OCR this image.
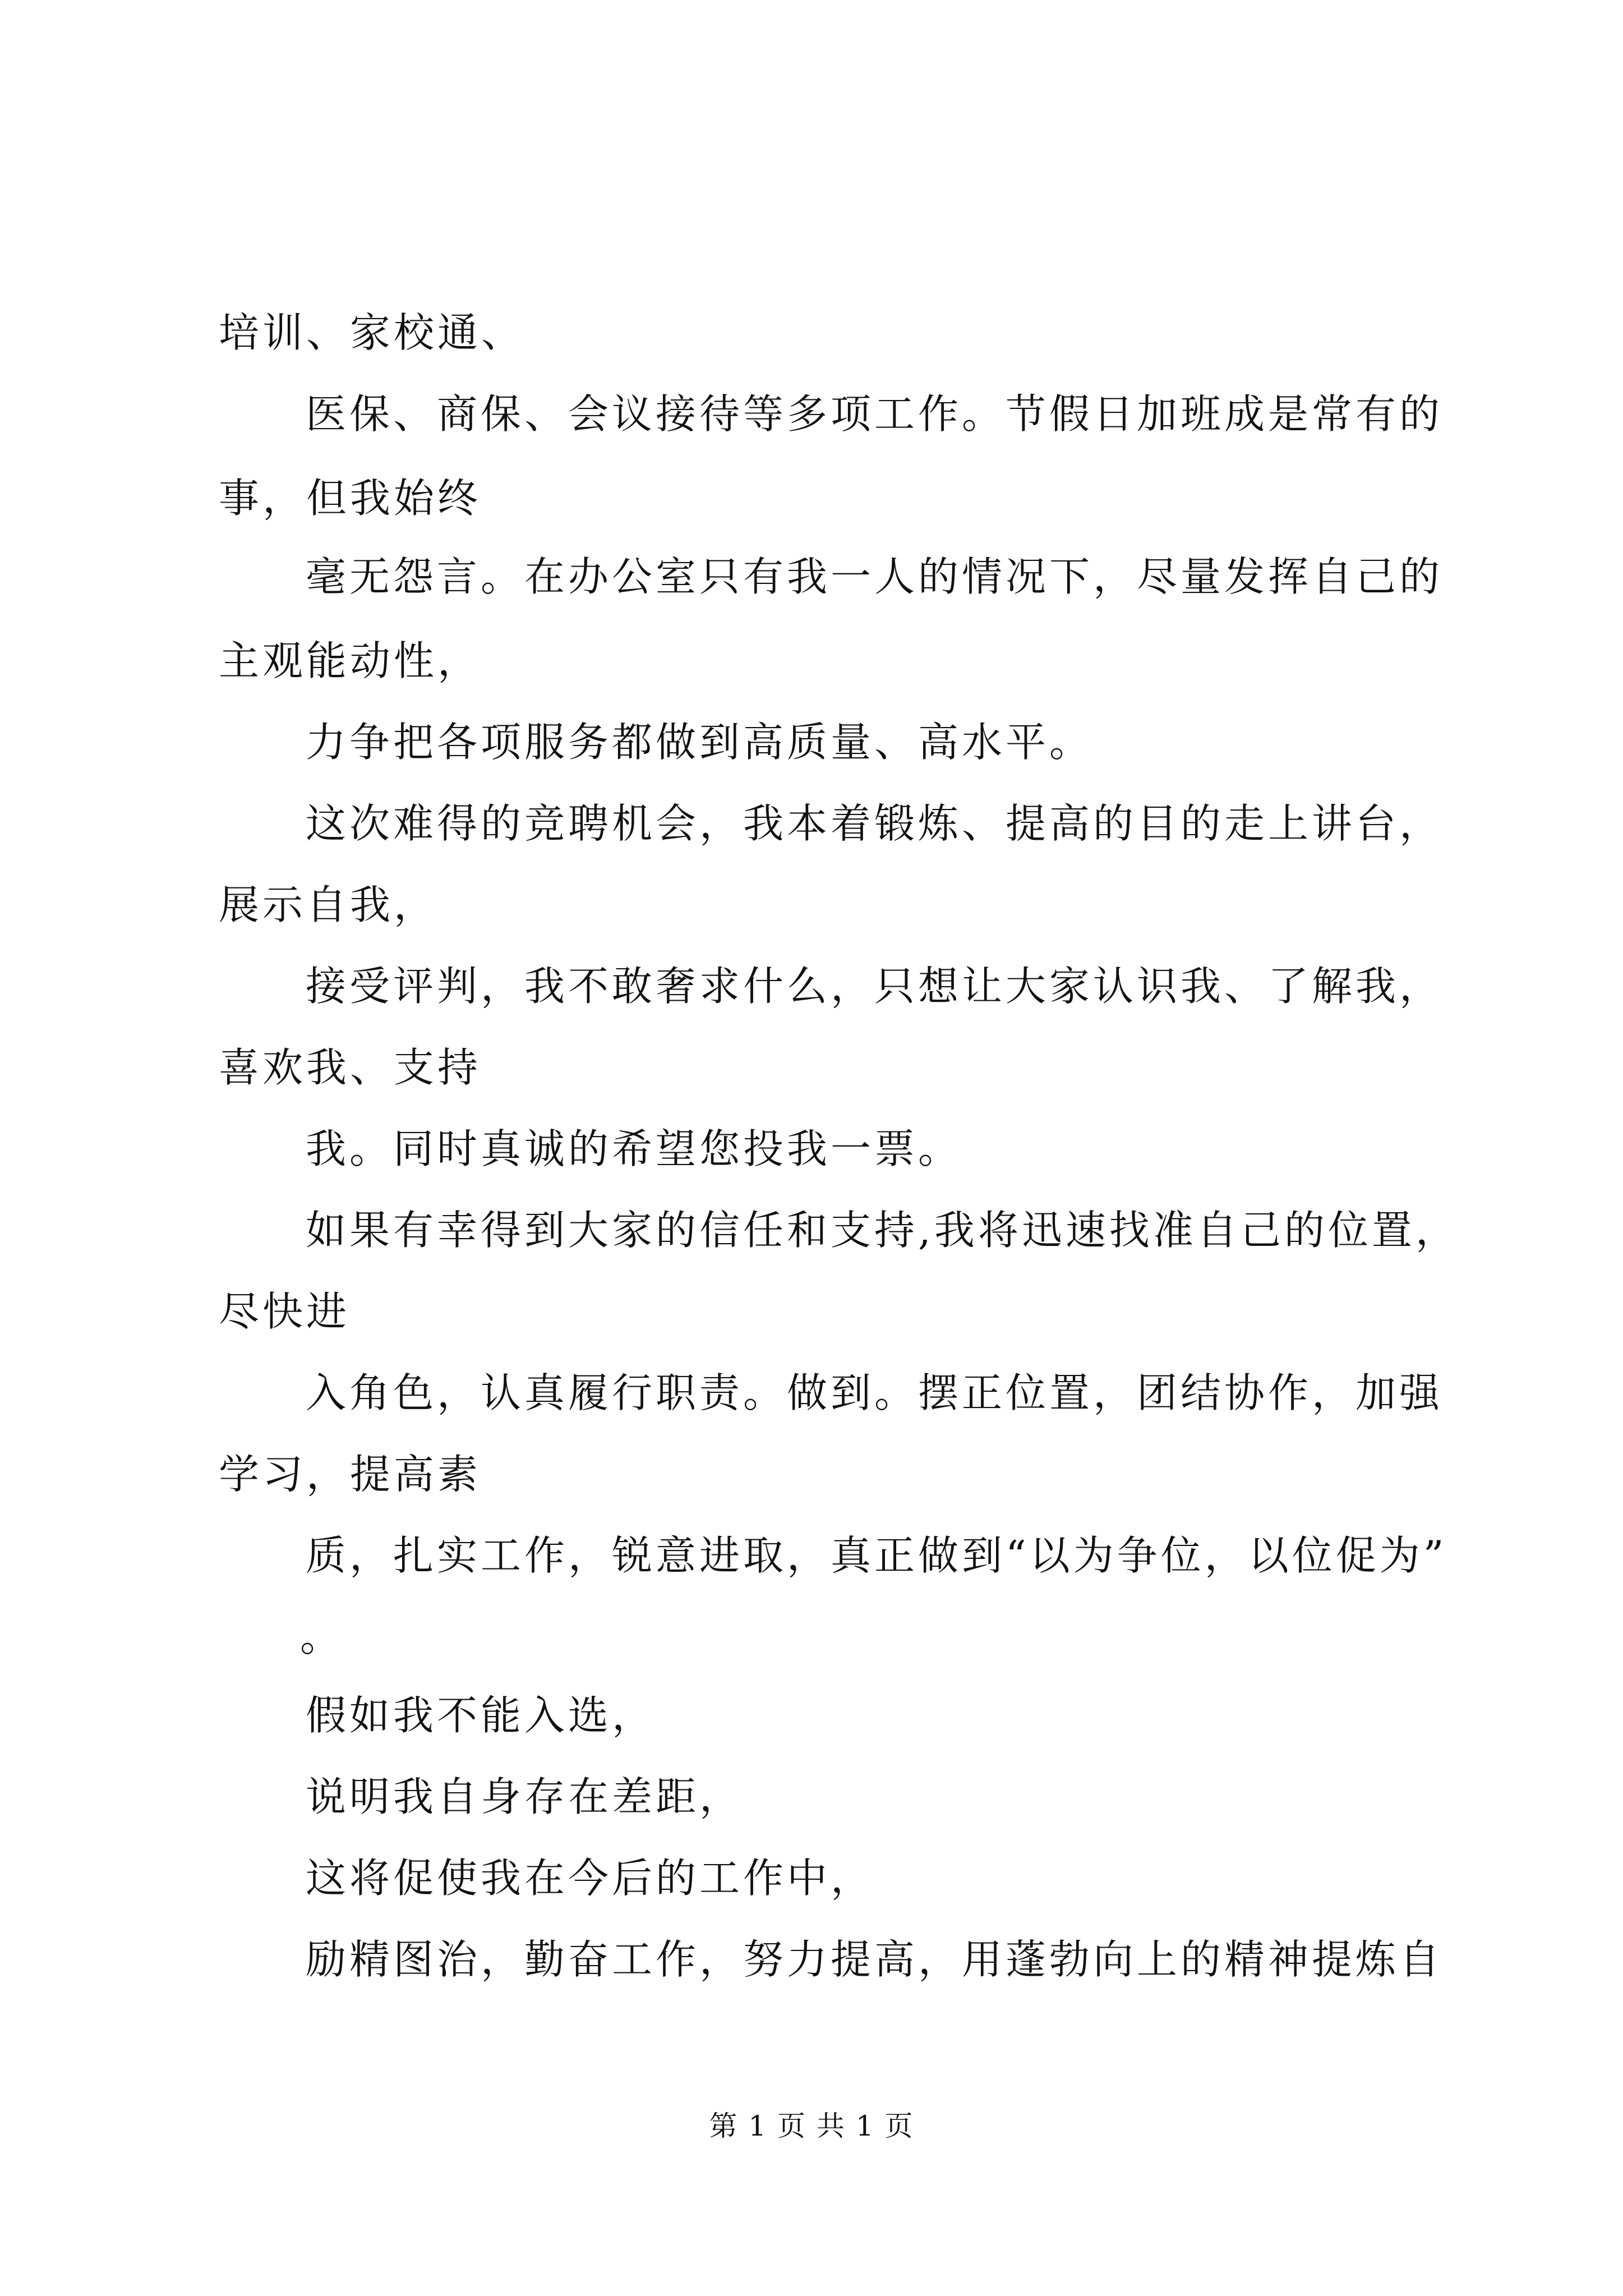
培训、家校通、
医保、商保、会议接待等多项工作。节假日加班成是常有的
事，但我始终
毫无怨言。在办公室只有我一人的情况下，尽量发挥自己的
主观能动性，
力争把各项服务都做到高质量、高水平。
这次难得的竞聘机会，我本着锻炼、提高的目的走上讲台，
展示自我，
接受评判，我不敢奢求什么，只想让大家认识我、了解我，
喜欢我、支持
我。同时真诚的希望您投我一票。
如果有幸得到大家的信任和支持,我将迅速找准自己的位置，
尽快进
入角色，认真履行职责。做到。摆正位置，团结协作，加强
学习，提高素
质，扎实工作，锐意进取，真正做到“以为争位，以位促为”
。
假如我不能入选，
说明我自身存在差距，
这将促使我在今后的工作中，
励精图治，勤奋工作，努力提高，用蓬勃向上的精神提炼自
第 1 页 共 1 页
